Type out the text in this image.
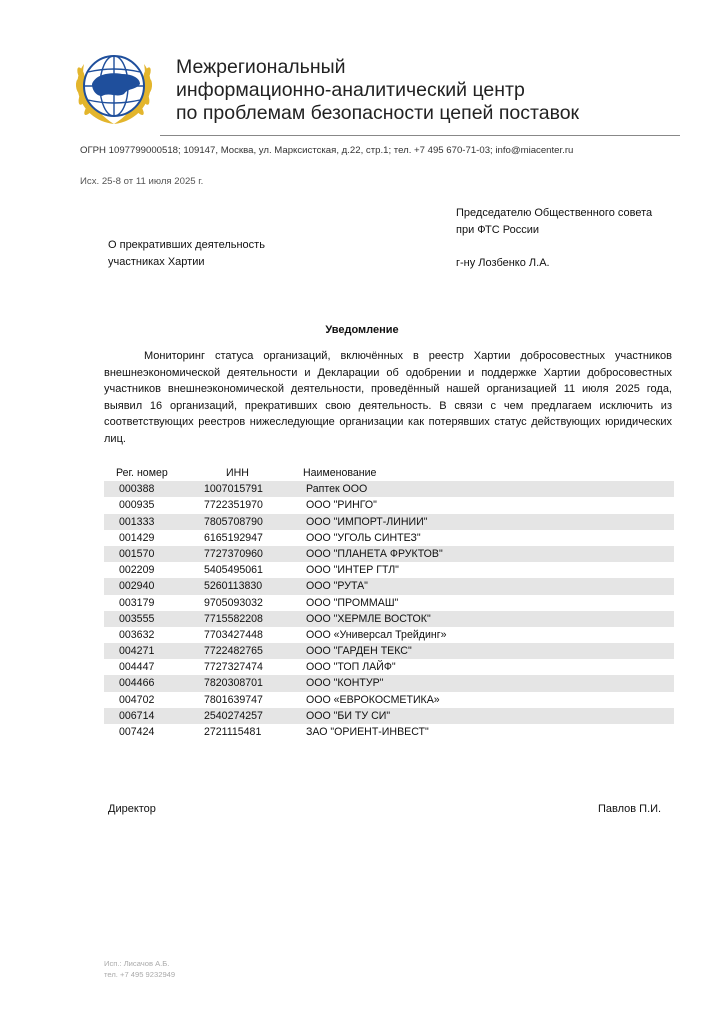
Межрегиональный
информационно-аналитический центр
по проблемам безопасности цепей поставок
ОГРН 1097799000518; 109147, Москва, ул. Марксистская, д.22, стр.1; тел. +7 495 670-71-03; info@miacenter.ru
Исх. 25-8 от 11 июля 2025 г.
Председателю Общественного совета
при ФТС России
г-ну Лозбенко Л.А.
О прекративших деятельность
участниках Хартии
Уведомление

Мониторинг статуса организаций, включённых в реестр Хартии добросовестных участников внешнеэкономической деятельности и Декларации об одобрении и поддержке Хартии добросовестных участников внешнеэкономической деятельности, проведённый нашей организацией 11 июля 2025 года, выявил 16 организаций, прекративших свою деятельность. В связи с чем предлагаем исключить из соответствующих реестров нижеследующие организации как потерявших статус действующих юридических лиц.

Рег. номер	ИНН	Наименование
000388	1007015791	Раптек ООО
000935	7722351970	ООО "РИНГО"
001333	7805708790	ООО "ИМПОРТ-ЛИНИИ"
001429	6165192947	ООО "УГОЛЬ СИНТЕЗ"
001570	7727370960	ООО "ПЛАНЕТА ФРУКТОВ"
002209	5405495061	ООО "ИНТЕР ГТЛ"
002940	5260113830	ООО "РУТА"
003179	9705093032	ООО "ПРОММАШ"
003555	7715582208	ООО "ХЕРМЛЕ ВОСТОК"
003632	7703427448	ООО «Универсал Трейдинг»
004271	7722482765	ООО "ГАРДЕН ТЕКС"
004447	7727327474	ООО "ТОП ЛАЙФ"
004466	7820308701	ООО "КОНТУР"
004702	7801639747	ООО «ЕВРОКОСМЕТИКА»
006714	2540274257	ООО "БИ ТУ СИ"
007424	2721115481	ЗАО "ОРИЕНТ-ИНВЕСТ"
Директор	Павлов П.И.
Исп.: Лисачов А.Б.
тел. +7 495 9232949
